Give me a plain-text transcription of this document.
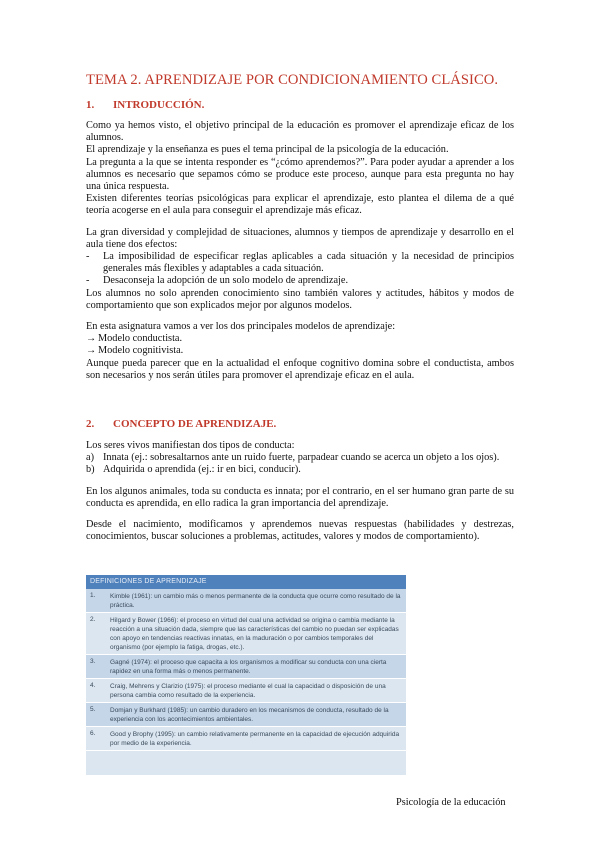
TEMA 2. APRENDIZAJE POR CONDICIONAMIENTO CLÁSICO.
1. INTRODUCCIÓN.

Como ya hemos visto, el objetivo principal de la educación es promover el aprendizaje eficaz de los alumnos.

El aprendizaje y la enseñanza es pues el tema principal de la psicología de la educación.

La pregunta a la que se intenta responder es “¿cómo aprendemos?”. Para poder ayudar a aprender a los alumnos es necesario que sepamos cómo se produce este proceso, aunque para esta pregunta no hay una única respuesta.

Existen diferentes teorías psicológicas para explicar el aprendizaje, esto plantea el dilema de a qué teoría acogerse en el aula para conseguir el aprendizaje más eficaz.

La gran diversidad y complejidad de situaciones, alumnos y tiempos de aprendizaje y desarrollo en el aula tiene dos efectos:

-	La imposibilidad de especificar reglas aplicables a cada situación y la necesidad de principios generales más flexibles y adaptables a cada situación.
-	Desaconseja la adopción de un solo modelo de aprendizaje.

Los alumnos no solo aprenden conocimiento sino también valores y actitudes, hábitos y modos de comportamiento que son explicados mejor por algunos modelos.

En esta asignatura vamos a ver los dos principales modelos de aprendizaje:

→ Modelo conductista.
→ Modelo cognitivista.

Aunque pueda parecer que en la actualidad el enfoque cognitivo domina sobre el conductista, ambos son necesarios y nos serán útiles para promover el aprendizaje eficaz en el aula.

2. CONCEPTO DE APRENDIZAJE.

Los seres vivos manifiestan dos tipos de conducta:

a) Innata (ej.: sobresaltarnos ante un ruido fuerte, parpadear cuando se acerca un objeto a los ojos).
b) Adquirida o aprendida (ej.: ir en bici, conducir).

En los algunos animales, toda su conducta es innata; por el contrario, en el ser humano gran parte de su conducta es aprendida, en ello radica la gran importancia del aprendizaje.

Desde el nacimiento, modificamos y aprendemos nuevas respuestas (habilidades y destrezas, conocimientos, buscar soluciones a problemas, actitudes, valores y modos de comportamiento).

DEFINICIONES DE APRENDIZAJE
1.	Kimble (1961): un cambio más o menos permanente de la conducta que ocurre como resultado de la práctica.
2.	Hilgard y Bower (1966): el proceso en virtud del cual una actividad se origina o cambia mediante la reacción a una situación dada, siempre que las características del cambio no puedan ser explicadas con apoyo en tendencias reactivas innatas, en la maduración o por cambios temporales del organismo (por ejemplo la fatiga, drogas, etc.).
3.	Gagné (1974): el proceso que capacita a los organismos a modificar su conducta con una cierta rapidez en una forma más o menos permanente.
4.	Craig, Mehrens y Clarizio (1975): el proceso mediante el cual la capacidad o disposición de una persona cambia como resultado de la experiencia.
5.	Domjan y Burkhard (1985): un cambio duradero en los mecanismos de conducta, resultado de la experiencia con los acontecimientos ambientales.
6.	Good y Brophy (1995): un cambio relativamente permanente en la capacidad de ejecución adquirida por medio de la experiencia.
Psicología de la educación
